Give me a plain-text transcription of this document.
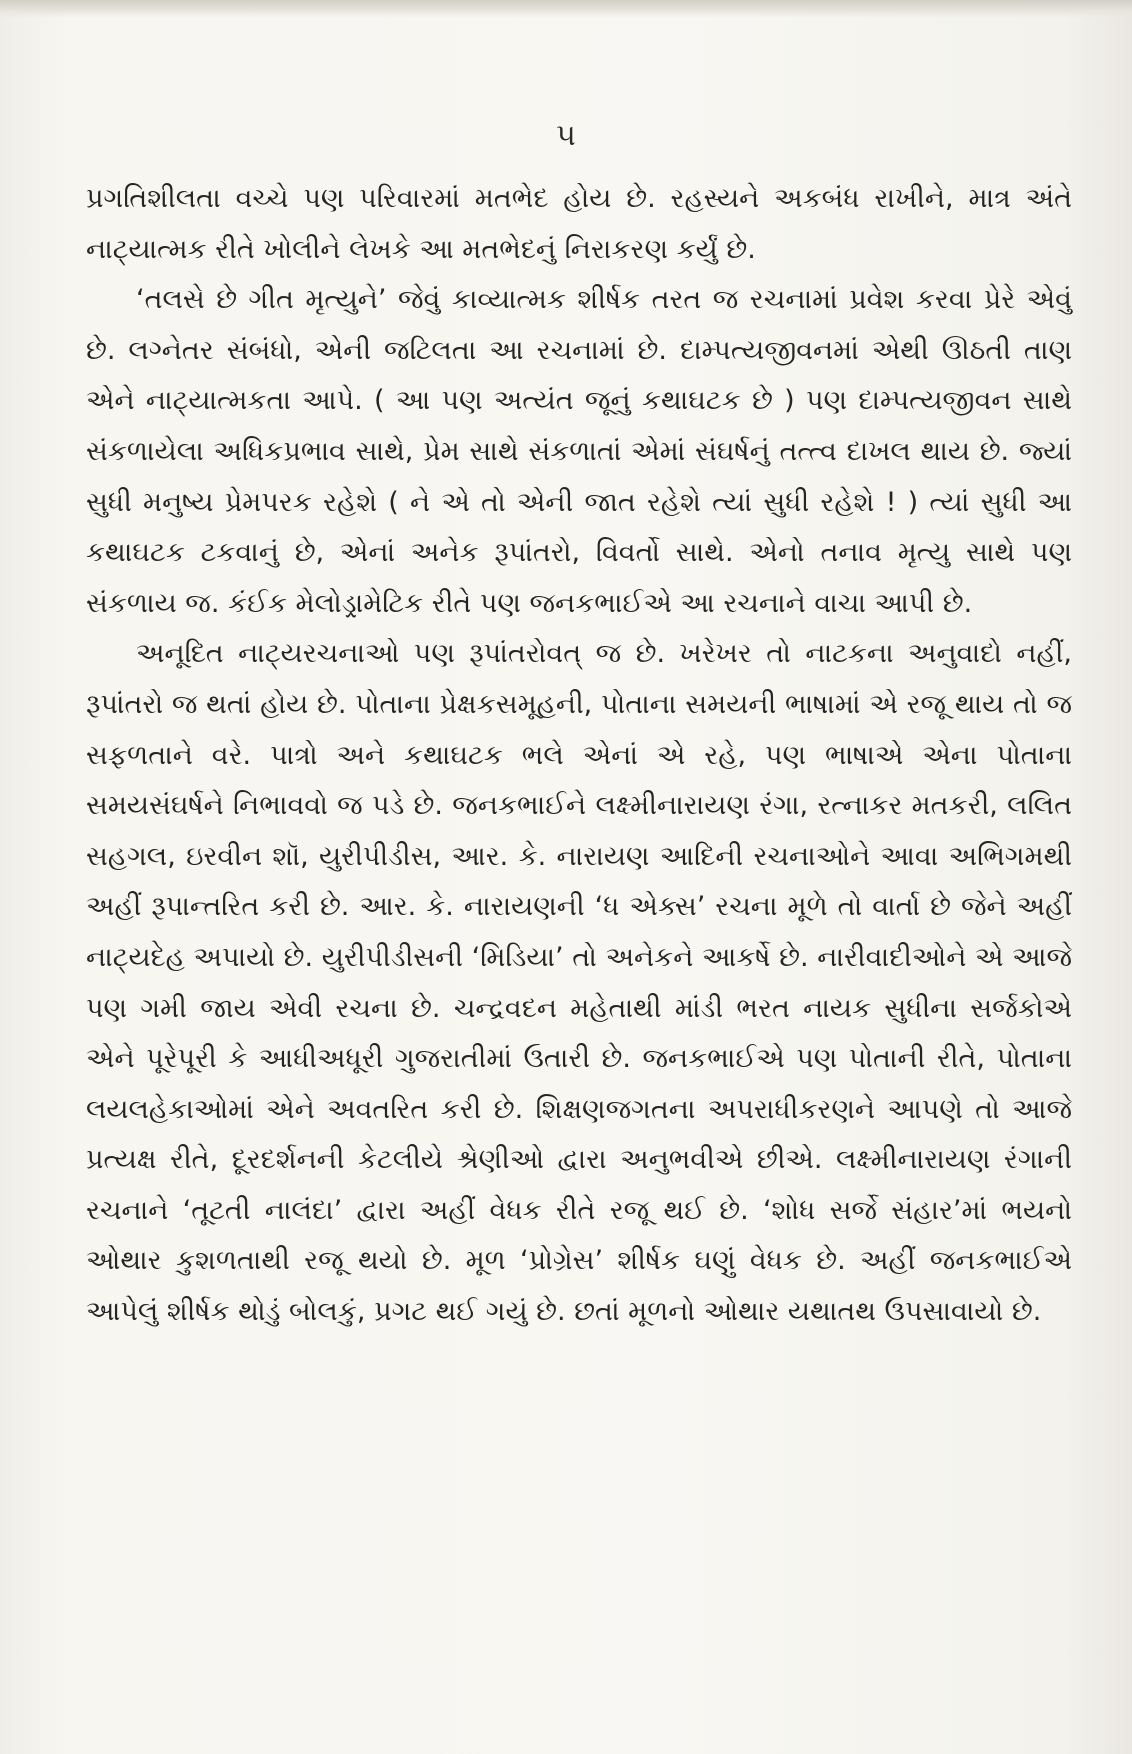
૫

પ્રગતિશીલતા વચ્ચે પણ પરિવારમાં મતભેદ હોય છે. રહસ્યને અકબંધ રાખીને, માત્ર અંતે નાટ્યાત્મક રીતે ખોલીને લેખકે આ મતભેદનું નિરાકરણ કર્યું છે.

‘તલસે છે ગીત મૃત્યુને’ જેવું કાવ્યાત્મક શીર્ષક તરત જ રચનામાં પ્રવેશ કરવા પ્રેરે એવું છે. લગ્નેતર સંબંધો, એની જટિલતા આ રચનામાં છે. દામ્પત્યજીવનમાં એથી ઊઠતી તાણ એને નાટ્યાત્મકતા આપે. ( આ પણ અત્યંત જૂનું કથાઘટક છે ) પણ દામ્પત્યજીવન સાથે સંકળાયેલા અધિકપ્રભાવ સાથે, પ્રેમ સાથે સંકળાતાં એમાં સંઘર્ષનું તત્ત્વ દાખલ થાય છે. જ્યાં સુધી મનુષ્ય પ્રેમપરક રહેશે ( ને એ તો એની જાત રહેશે ત્યાં સુધી રહેશે ! ) ત્યાં સુધી આ કથાઘટક ટકવાનું છે, એનાં અનેક રૂપાંતરો, વિવર્તો સાથે. એનો તનાવ મૃત્યુ સાથે પણ સંકળાય જ. કંઈક મેલોડ્રામેટિક રીતે પણ જનકભાઈએ આ રચનાને વાચા આપી છે.

અનૂદિત નાટ્યરચનાઓ પણ રૂપાંતરોવત્ જ છે. ખરેખર તો નાટકના અનુવાદો નહીં, રૂપાંતરો જ થતાં હોય છે. પોતાના પ્રેક્ષકસમૂહની, પોતાના સમયની ભાષામાં એ રજૂ થાય તો જ સફળતાને વરે. પાત્રો અને કથાઘટક ભલે એનાં એ રહે, પણ ભાષાએ એના પોતાના સમયસંઘર્ષને નિભાવવો જ પડે છે. જનકભાઈને લક્ષ્મીનારાયણ રંગા, રત્નાકર મતકરી, લલિત સહગલ, ઇરવીન શૉ, યુરીપીડીસ, આર. કે. નારાયણ આદિની રચનાઓને આવા અભિગમથી અહીં રૂપાન્તરિત કરી છે. આર. કે. નારાયણની ‘ધ એક્સ’ રચના મૂળે તો વાર્તા છે જેને અહીં નાટ્યદેહ અપાયો છે. યુરીપીડીસની ‘મિડિયા’ તો અનેકને આકર્ષે છે. નારીવાદીઓને એ આજે પણ ગમી જાય એવી રચના છે. ચન્દ્રવદન મહેતાથી માંડી ભરત નાયક સુધીના સર્જકોએ એને પૂરેપૂરી કે આધીઅધૂરી ગુજરાતીમાં ઉતારી છે. જનકભાઈએ પણ પોતાની રીતે, પોતાના લયલહેકાઓમાં એને અવતરિત કરી છે. શિક્ષણજગતના અપરાધીકરણને આપણે તો આજે પ્રત્યક્ષ રીતે, દૂરદર્શનની કેટલીયે શ્રેણીઓ દ્વારા અનુભવીએ છીએ. લક્ષ્મીનારાયણ રંગાની રચનાને ‘તૂટતી નાલંદા’ દ્વારા અહીં વેધક રીતે રજૂ થઈ છે. ‘શોધ સર્જે સંહાર’માં ભયનો ઓથાર કુશળતાથી રજૂ થયો છે. મૂળ ‘પ્રોગ્રેસ’ શીર્ષક ઘણું વેધક છે. અહીં જનકભાઈએ આપેલું શીર્ષક થોડું બોલકું, પ્રગટ થઈ ગયું છે. છતાં મૂળનો ઓથાર યથાતથ ઉપસાવાયો છે.
